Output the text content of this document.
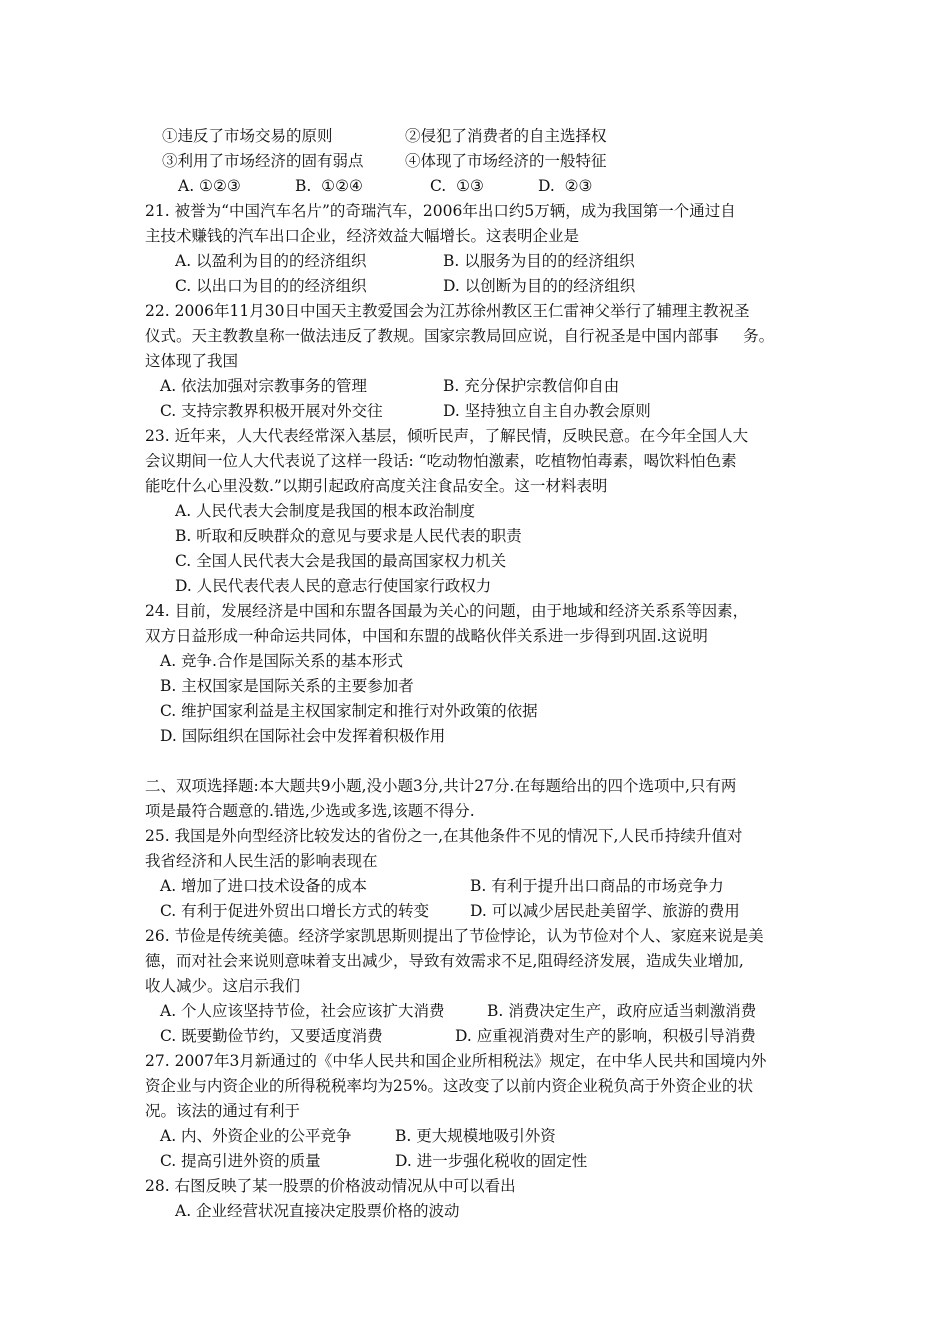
①违反了市场交易的原则	②侵犯了消费者的自主选择权
③利用了市场经济的固有弱点	④体现了市场经济的一般特征
A. ①②③	B.  ①②④	C.  ①③	D.  ②③
21. 被誉为“中国汽车名片”的奇瑞汽车，2006年出口约5万辆，成为我国第一个通过自
主技术赚钱的汽车出口企业，经济效益大幅增长。这表明企业是
A. 以盈利为目的的经济组织	B. 以服务为目的的经济组织
C. 以出口为目的的经济组织	D. 以创断为目的的经济组织
22. 2006年11月30日中国天主教爱国会为江苏徐州教区王仁雷神父举行了辅理主教祝圣
仪式。天主教教皇称一做法违反了教规。国家宗教局回应说，自行祝圣是中国内部事     务。
这体现了我国
A. 依法加强对宗教事务的管理	B. 充分保护宗教信仰自由
C. 支持宗教界积极开展对外交往	D. 坚持独立自主自办教会原则
23. 近年来，人大代表经常深入基层，倾听民声，了解民情，反映民意。在今年全国人大
会议期间一位人大代表说了这样一段话: “吃动物怕激素，吃植物怕毒素，喝饮料怕色素
能吃什么心里没数.”以期引起政府高度关注食品安全。这一材料表明
A. 人民代表大会制度是我国的根本政治制度
B. 听取和反映群众的意见与要求是人民代表的职责
C. 全国人民代表大会是我国的最高国家权力机关
D. 人民代表代表人民的意志行使国家行政权力
24. 目前，发展经济是中国和东盟各国最为关心的问题，由于地域和经济关系系等因素，
双方日益形成一种命运共同体，中国和东盟的战略伙伴关系进一步得到巩固.这说明
A. 竞争.合作是国际关系的基本形式
B. 主权国家是国际关系的主要参加者
C. 维护国家利益是主权国家制定和推行对外政策的依据
D. 国际组织在国际社会中发挥着积极作用
二、双项选择题:本大题共9小题,没小题3分,共计27分.在每题给出的四个选项中,只有两
项是最符合题意的.错选,少选或多选,该题不得分.
25. 我国是外向型经济比较发达的省份之一,在其他条件不见的情况下,人民币持续升值对
我省经济和人民生活的影响表现在
A. 增加了进口技术设备的成本	B. 有利于提升出口商品的市场竞争力
C. 有利于促进外贸出口增长方式的转变	D. 可以减少居民赴美留学、旅游的费用
26. 节俭是传统美德。经济学家凯思斯则提出了节俭悖论，认为节俭对个人、家庭来说是美
德，而对社会来说则意味着支出减少，导致有效需求不足,阻碍经济发展，造成失业增加,
收人减少。这启示我们
A. 个人应该坚持节俭，社会应该扩大消费	B. 消费决定生产，政府应适当刺激消费
C. 既要勤俭节约，又要适度消费	D. 应重视消费对生产的影响，积极引导消费
27. 2007年3月新通过的《中华人民共和国企业所相税法》规定，在中华人民共和国境内外
资企业与内资企业的所得税税率均为25%。这改变了以前内资企业税负高于外资企业的状
况。该法的通过有利于
A. 内、外资企业的公平竞争	B. 更大规模地吸引外资
C. 提高引进外资的质量	D. 进一步强化税收的固定性
28. 右图反映了某一股票的价格波动情况从中可以看出
A. 企业经营状况直接决定股票价格的波动
